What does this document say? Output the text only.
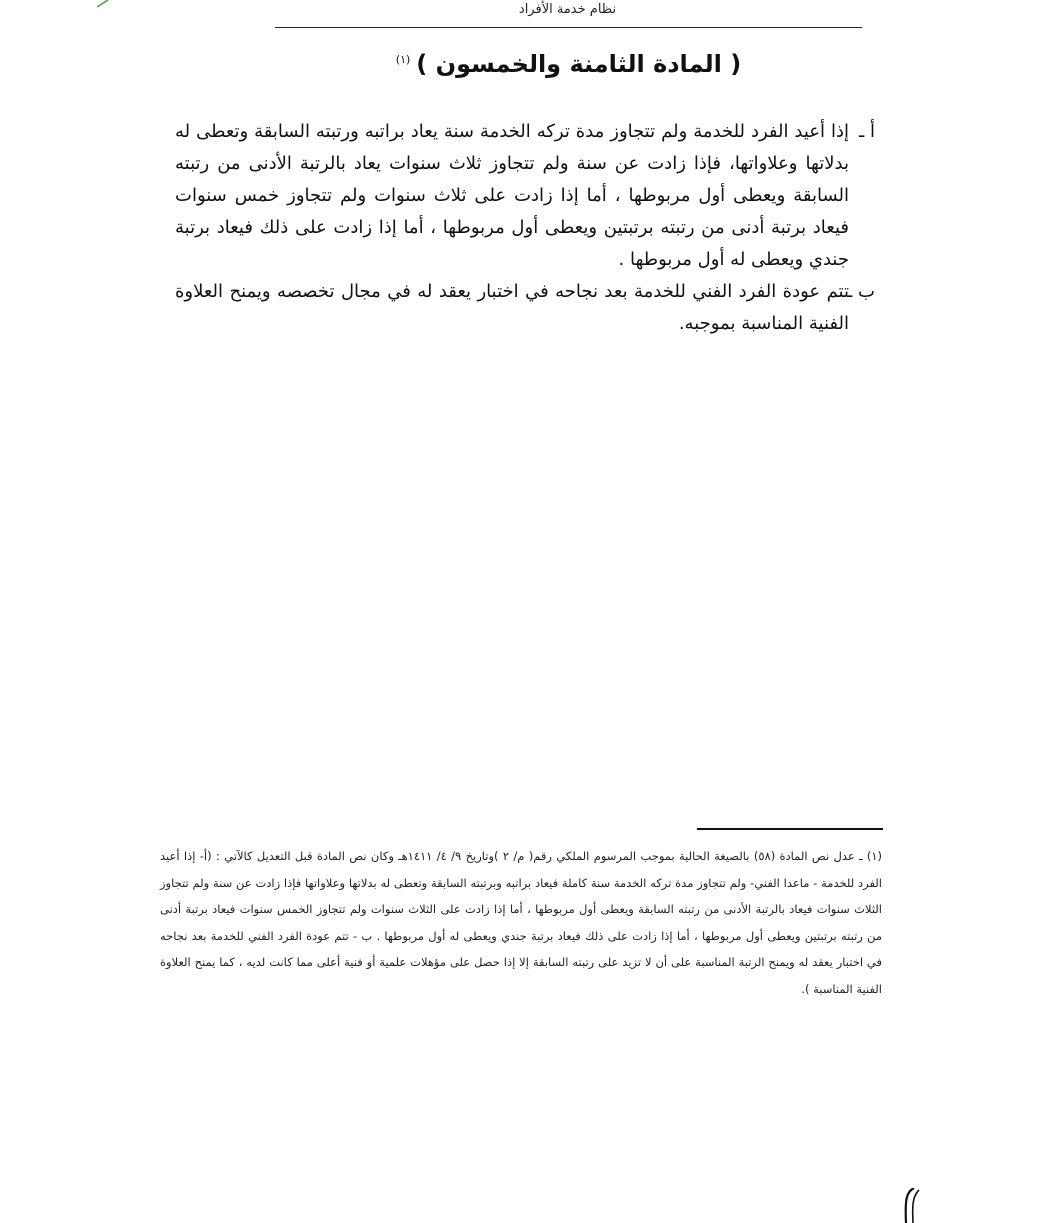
نظام خدمة الأفراد
( المادة الثامنة والخمسون )$^{(١)}$

أ ـ
إذا أعيد الفرد للخدمة ولم تتجاوز مدة تركه الخدمة سنة يعاد براتبه ورتبته السابقة وتعطى له بدلاتها وعلاواتها، فإذا زادت عن سنة ولم تتجاوز ثلاث سنوات يعاد بالرتبة الأدنى من رتبته السابقة ويعطى أول مربوطها ، أما إذا زادت على ثلاث سنوات ولم تتجاوز خمس سنوات فيعاد برتبة أدنى من رتبته برتبتين ويعطى أول مربوطها ، أما إذا زادت على ذلك فيعاد برتبة جندي ويعطى له أول مربوطها .

ب ـ
تتم عودة الفرد الفني للخدمة بعد نجاحه في اختبار يعقد له في مجال تخصصه ويمنح العلاوة الفنية المناسبة بموجبه.

(١) ـ عدل نص المادة (٥٨) بالصيغة الحالية بموجب المرسوم الملكي رقم( م/ ٢ )وتاريخ ٩/ ٤/ ١٤١١هـ وكان نص المادة قبل التعديل كالآتي : (أ- إذا أعيد الفرد للخدمة - ماعدا الفني- ولم تتجاوز مدة تركه الخدمة سنة كاملة فيعاد براتبه وبرتبته السابقة وتعطى له بدلاتها وعلاواتها فإذا زادت عن سنة ولم تتجاوز الثلاث سنوات فيعاد بالرتبة الأدنى من رتبته السابقة ويعطى أول مربوطها ، أما إذا زادت على الثلاث سنوات ولم تتجاوز الخمس سنوات فيعاد برتبة أدنى من رتبته برتبتين ويعطى أول مربوطها ، أما إذا زادت على ذلك فيعاد برتبة جندي ويعطى له أول مربوطها . ب - تتم عودة الفرد الفني للخدمة بعد نجاحه في اختبار يعقد له ويمنح الرتبة المناسبة على أن لا تزيد على رتبته السابقة إلا إذا حصل على مؤهلات علمية أو فنية أعلى مما كانت لديه ، كما يمنح العلاوة الفنية المناسبة ).
